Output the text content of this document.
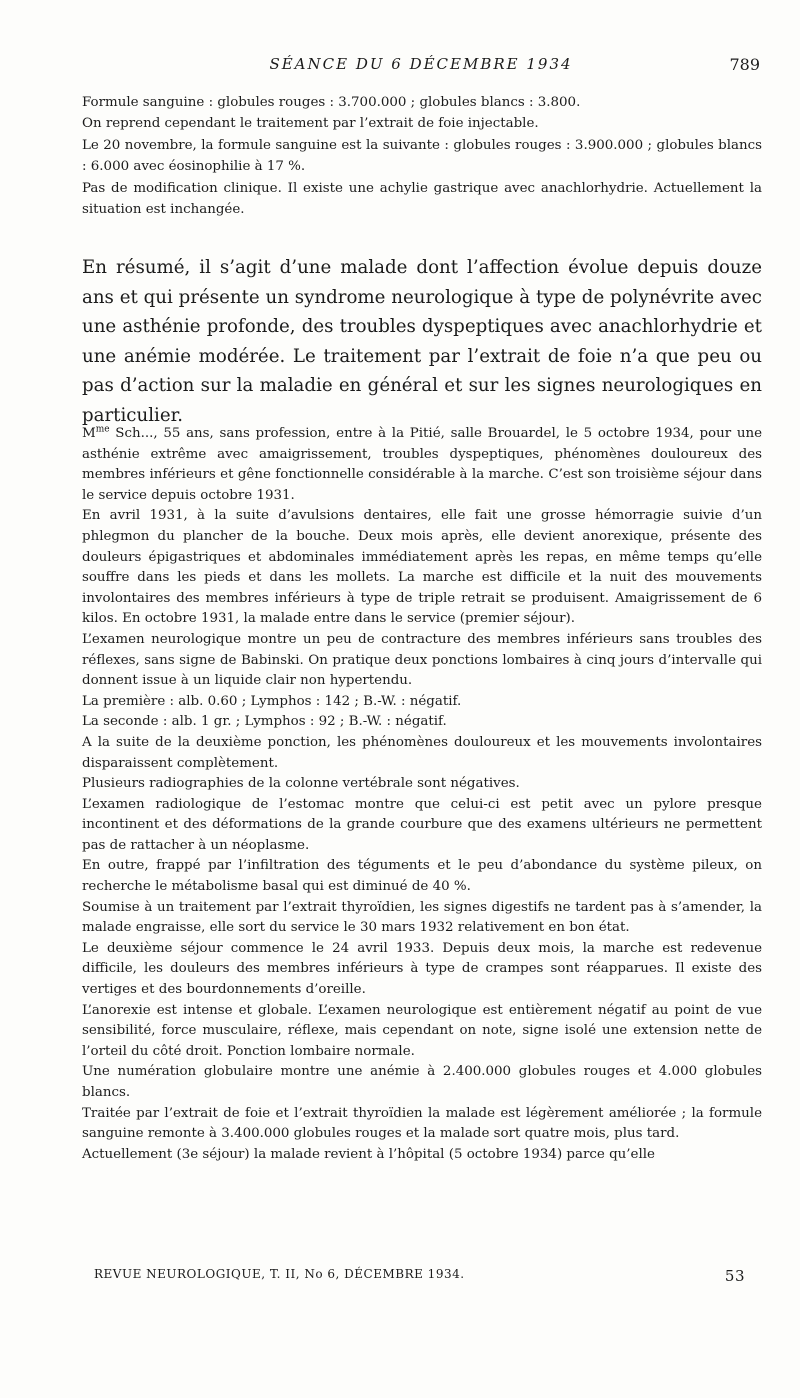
SÉANCE DU 6 DÉCEMBRE 1934	789

Formule sanguine : globules rouges : 3.700.000 ; globules blancs : 3.800.

On reprend cependant le traitement par l’extrait de foie injectable.

Le 20 novembre, la formule sanguine est la suivante : globules rouges : 3.900.000 ; globules blancs : 6.000 avec éosinophilie à 17 %.

Pas de modification clinique. Il existe une achylie gastrique avec anachlorhydrie. Actuellement la situation est inchangée.

En résumé, il s’agit d’une malade dont l’affection évolue depuis douze ans et qui présente un syndrome neurologique à type de polynévrite avec une asthénie profonde, des troubles dyspeptiques avec anachlorhydrie et une anémie modérée. Le traitement par l’extrait de foie n’a que peu ou pas d’action sur la maladie en général et sur les signes neurologiques en particulier.

$M^{me}$ Sch..., 55 ans, sans profession, entre à la Pitié, salle Brouardel, le 5 octobre 1934, pour une asthénie extrême avec amaigrissement, troubles dyspeptiques, phénomènes douloureux des membres inférieurs et gêne fonctionnelle considérable à la marche. C’est son troisième séjour dans le service depuis octobre 1931.

En avril 1931, à la suite d’avulsions dentaires, elle fait une grosse hémorragie suivie d’un phlegmon du plancher de la bouche. Deux mois après, elle devient anorexique, présente des douleurs épigastriques et abdominales immédiatement après les repas, en même temps qu’elle souffre dans les pieds et dans les mollets. La marche est difficile et la nuit des mouvements involontaires des membres inférieurs à type de triple retrait se produisent. Amaigrissement de 6 kilos. En octobre 1931, la malade entre dans le service (premier séjour).

L’examen neurologique montre un peu de contracture des membres inférieurs sans troubles des réflexes, sans signe de Babinski. On pratique deux ponctions lombaires à cinq jours d’intervalle qui donnent issue à un liquide clair non hypertendu.

La première : alb. 0.60 ; Lymphos : 142 ; B.-W. : négatif.

La seconde : alb. 1 gr. ; Lymphos : 92 ; B.-W. : négatif.

A la suite de la deuxième ponction, les phénomènes douloureux et les mouvements involontaires disparaissent complètement.

Plusieurs radiographies de la colonne vertébrale sont négatives.

L’examen radiologique de l’estomac montre que celui-ci est petit avec un pylore presque incontinent et des déformations de la grande courbure que des examens ultérieurs ne permettent pas de rattacher à un néoplasme.

En outre, frappé par l’infiltration des téguments et le peu d’abondance du système pileux, on recherche le métabolisme basal qui est diminué de 40 %.

Soumise à un traitement par l’extrait thyroïdien, les signes digestifs ne tardent pas à s’amender, la malade engraisse, elle sort du service le 30 mars 1932 relativement en bon état.

Le deuxième séjour commence le 24 avril 1933. Depuis deux mois, la marche est redevenue difficile, les douleurs des membres inférieurs à type de crampes sont réapparues. Il existe des vertiges et des bourdonnements d’oreille.

L’anorexie est intense et globale. L’examen neurologique est entièrement négatif au point de vue sensibilité, force musculaire, réflexe, mais cependant on note, signe isolé une extension nette de l’orteil du côté droit. Ponction lombaire normale.

Une numération globulaire montre une anémie à 2.400.000 globules rouges et 4.000 globules blancs.

Traitée par l’extrait de foie et l’extrait thyroïdien la malade est légèrement améliorée ; la formule sanguine remonte à 3.400.000 globules rouges et la malade sort quatre mois, plus tard.

Actuellement (3e séjour) la malade revient à l’hôpital (5 octobre 1934) parce qu’elle

REVUE NEUROLOGIQUE, T. II, No 6, DÉCEMBRE 1934.	53
